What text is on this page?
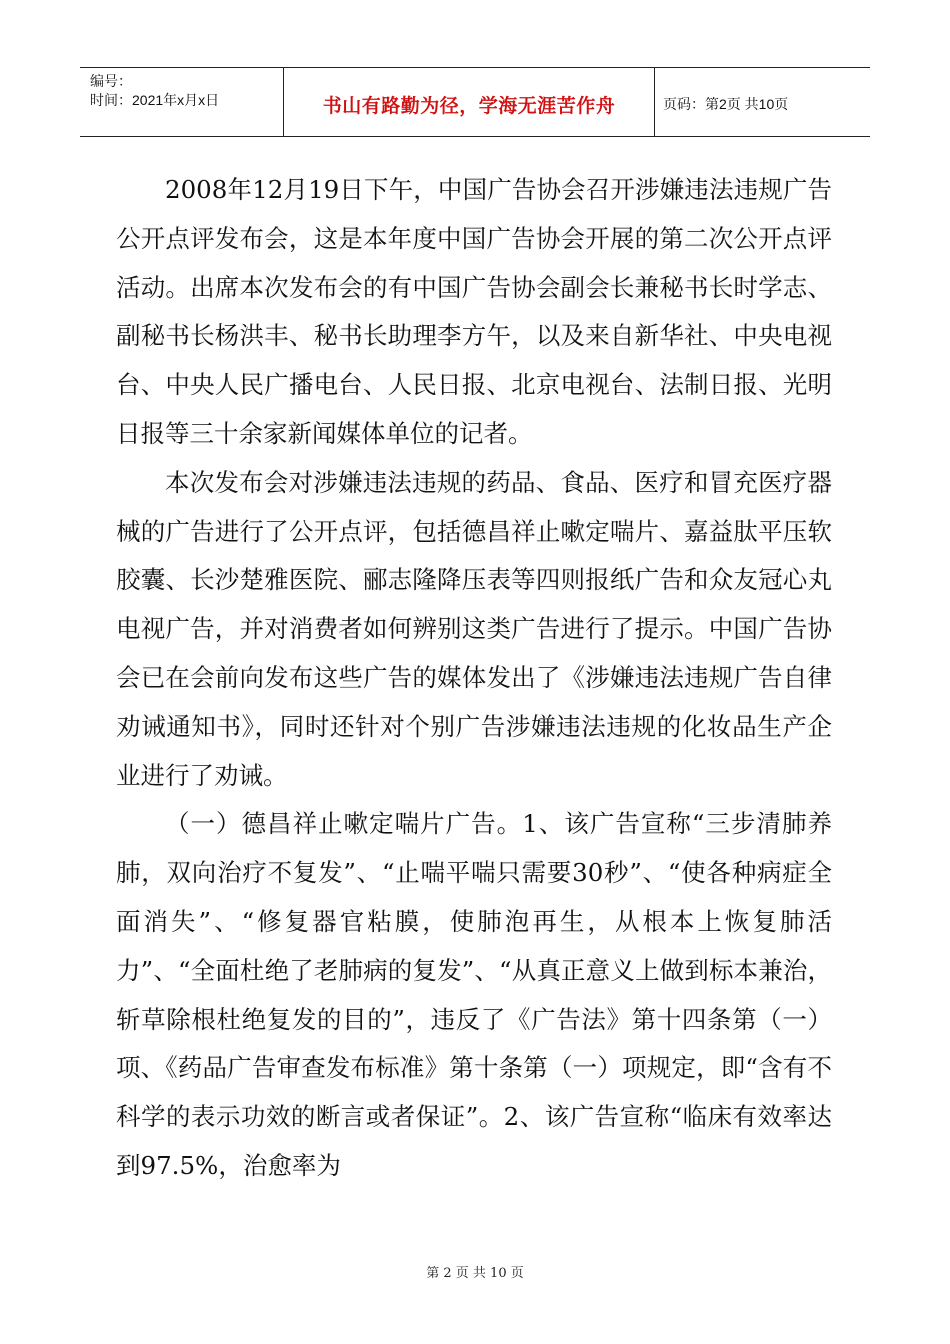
编号：
时间：2021年x月x日	书山有路勤为径，学海无涯苦作舟	页码：第2页 共10页

2008年12月19日下午，中国广告协会召开涉嫌违法违规广告公开点评发布会，这是本年度中国广告协会开展的第二次公开点评活动。出席本次发布会的有中国广告协会副会长兼秘书长时学志、副秘书长杨洪丰、秘书长助理李方午，以及来自新华社、中央电视台、中央人民广播电台、人民日报、北京电视台、法制日报、光明日报等三十余家新闻媒体单位的记者。

本次发布会对涉嫌违法违规的药品、食品、医疗和冒充医疗器械的广告进行了公开点评，包括德昌祥止嗽定喘片、嘉益肽平压软胶囊、长沙楚雅医院、郦志隆降压表等四则报纸广告和众友冠心丸电视广告，并对消费者如何辨别这类广告进行了提示。中国广告协会已在会前向发布这些广告的媒体发出了《涉嫌违法违规广告自律劝诫通知书》，同时还针对个别广告涉嫌违法违规的化妆品生产企业进行了劝诫。

（一）德昌祥止嗽定喘片广告。1、该广告宣称“三步清肺养肺，双向治疗不复发”、“止喘平喘只需要30秒”、“使各种病症全面消失”、“修复器官粘膜，使肺泡再生，从根本上恢复肺活力”、“全面杜绝了老肺病的复发”、“从真正意义上做到标本兼治，斩草除根杜绝复发的目的”，违反了《广告法》第十四条第（一）项、《药品广告审查发布标准》第十条第（一）项规定，即“含有不科学的表示功效的断言或者保证”。2、该广告宣称“临床有效率达到97.5%，治愈率为

第 2 页 共 10 页
